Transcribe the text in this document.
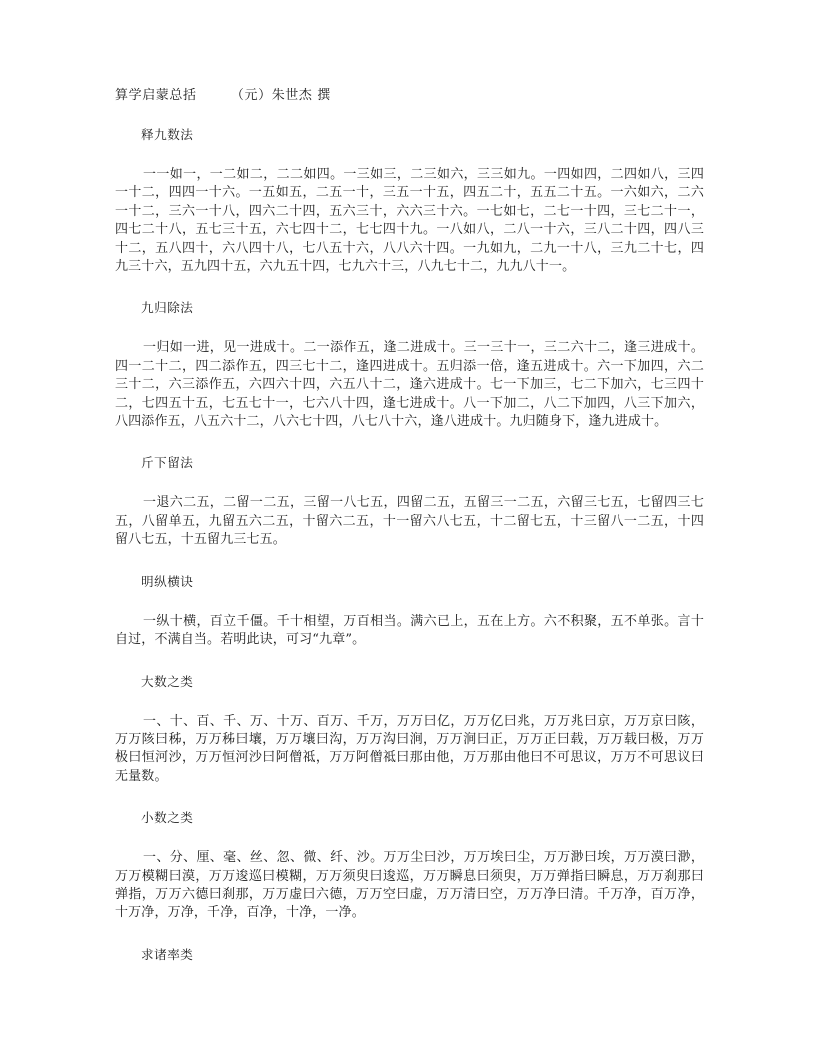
算学启蒙总括　　　（元）朱世杰 撰
释九数法
一一如一，一二如二，二二如四。一三如三，二三如六，三三如九。一四如四，二四如八，三四一十二，四四一十六。一五如五，二五一十，三五一十五，四五二十，五五二十五。一六如六，二六一十二，三六一十八，四六二十四，五六三十，六六三十六。一七如七，二七一十四，三七二十一，四七二十八，五七三十五，六七四十二，七七四十九。一八如八，二八一十六，三八二十四，四八三十二，五八四十，六八四十八，七八五十六，八八六十四。一九如九，二九一十八，三九二十七，四九三十六，五九四十五，六九五十四，七九六十三，八九七十二，九九八十一。
九归除法
一归如一进，见一进成十。二一添作五，逢二进成十。三一三十一，三二六十二，逢三进成十。四一二十二，四二添作五，四三七十二，逢四进成十。五归添一倍，逢五进成十。六一下加四，六二三十二，六三添作五，六四六十四，六五八十二，逢六进成十。七一下加三，七二下加六，七三四十二，七四五十五，七五七十一，七六八十四，逢七进成十。八一下加二，八二下加四，八三下加六，八四添作五，八五六十二，八六七十四，八七八十六，逢八进成十。九归随身下，逢九进成十。
斤下留法
一退六二五，二留一二五，三留一八七五，四留二五，五留三一二五，六留三七五，七留四三七五，八留单五，九留五六二五，十留六二五，十一留六八七五，十二留七五，十三留八一二五，十四留八七五，十五留九三七五。
明纵横诀
一纵十横，百立千僵。千十相望，万百相当。满六已上，五在上方。六不积聚，五不单张。言十自过，不满自当。若明此诀，可习“九章”。
大数之类
一、十、百、千、万、十万、百万、千万，万万曰亿，万万亿曰兆，万万兆曰京，万万京曰陔，万万陔曰秭，万万秭曰壤，万万壤曰沟，万万沟曰涧，万万涧曰正，万万正曰载，万万载曰极，万万极曰恒河沙，万万恒河沙曰阿僧祗，万万阿僧祗曰那由他，万万那由他曰不可思议，万万不可思议曰无量数。
小数之类
一、分、厘、毫、丝、忽、微、纤、沙。万万尘曰沙，万万埃曰尘，万万渺曰埃，万万漠曰渺，万万模糊曰漠，万万逡巡曰模糊，万万须臾曰逡巡，万万瞬息曰须臾，万万弹指曰瞬息，万万刹那曰弹指，万万六德曰刹那，万万虚曰六德，万万空曰虚，万万清曰空，万万净曰清。千万净，百万净，十万净，万净，千净，百净，十净，一净。
求诸率类
